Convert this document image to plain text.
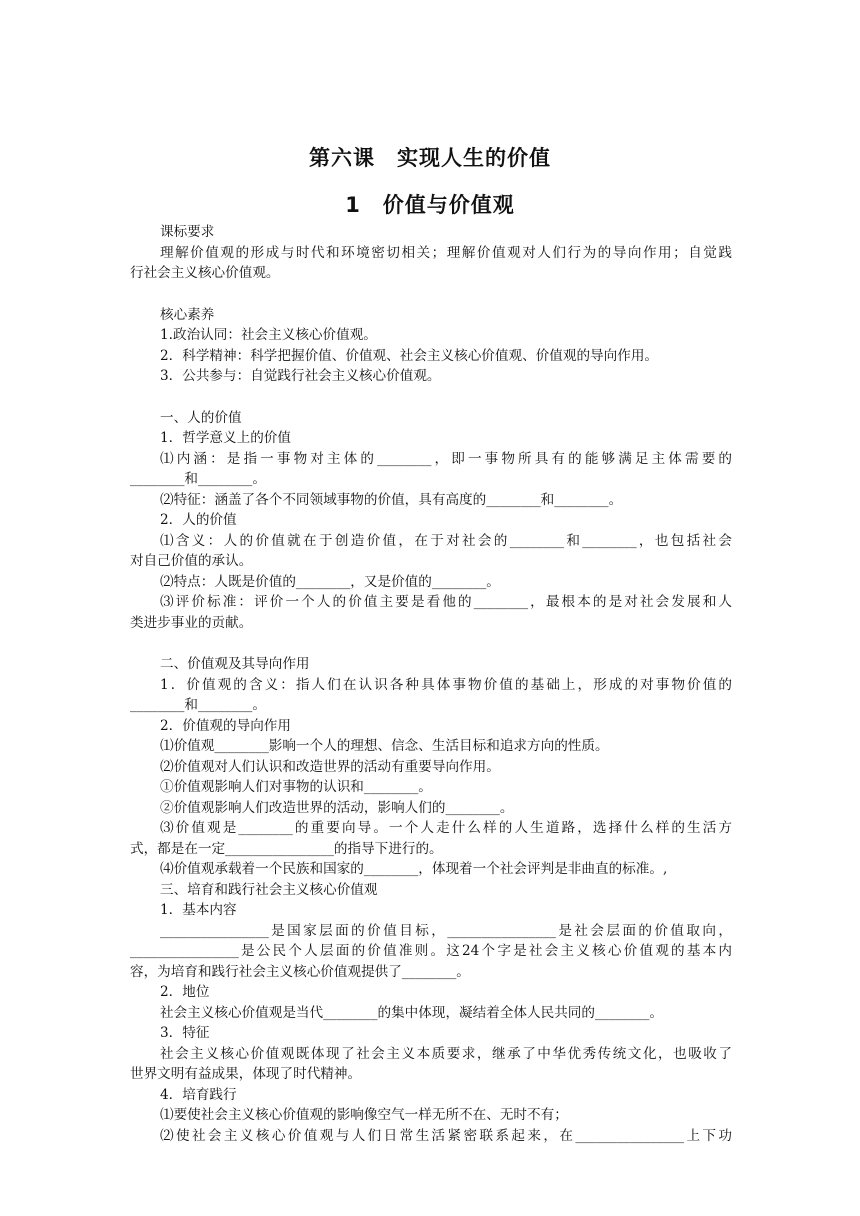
第六课　实现人生的价值
1　价值与价值观
课标要求
理解价值观的形成与时代和环境密切相关；理解价值观对人们行为的导向作用；自觉践
行社会主义核心价值观。
核心素养
1.政治认同：社会主义核心价值观。
2．科学精神：科学把握价值、价值观、社会主义核心价值观、价值观的导向作用。
3．公共参与：自觉践行社会主义核心价值观。
一、人的价值
1．哲学意义上的价值
⑴内涵：是指一事物对主体的________，即一事物所具有的能够满足主体需要的
________和________。
⑵特征：涵盖了各个不同领域事物的价值，具有高度的________和________。
2．人的价值
⑴含义：人的价值就在于创造价值，在于对社会的________和________，也包括社会
对自己价值的承认。
⑵特点：人既是价值的________，又是价值的________。
⑶评价标准：评价一个人的价值主要是看他的________，最根本的是对社会发展和人
类进步事业的贡献。
二、价值观及其导向作用
1．价值观的含义：指人们在认识各种具体事物价值的基础上，形成的对事物价值的
________和________。
2．价值观的导向作用
⑴价值观________影响一个人的理想、信念、生活目标和追求方向的性质。
⑵价值观对人们认识和改造世界的活动有重要导向作用。
①价值观影响人们对事物的认识和________。
②价值观影响人们改造世界的活动，影响人们的________。
⑶价值观是________的重要向导。一个人走什么样的人生道路，选择什么样的生活方
式，都是在一定________________的指导下进行的。
⑷价值观承载着一个民族和国家的________，体现着一个社会评判是非曲直的标准。,
三、培育和践行社会主义核心价值观
1．基本内容
________________是国家层面的价值目标，________________是社会层面的价值取向，
________________是公民个人层面的价值准则。这24个字是社会主义核心价值观的基本内
容，为培育和践行社会主义核心价值观提供了________。
2．地位
社会主义核心价值观是当代________的集中体现，凝结着全体人民共同的________。
3．特征
社会主义核心价值观既体现了社会主义本质要求，继承了中华优秀传统文化，也吸收了
世界文明有益成果，体现了时代精神。
4．培育践行
⑴要使社会主义核心价值观的影响像空气一样无所不在、无时不有；
⑵使社会主义核心价值观与人们日常生活紧密联系起来，在________________上下功
